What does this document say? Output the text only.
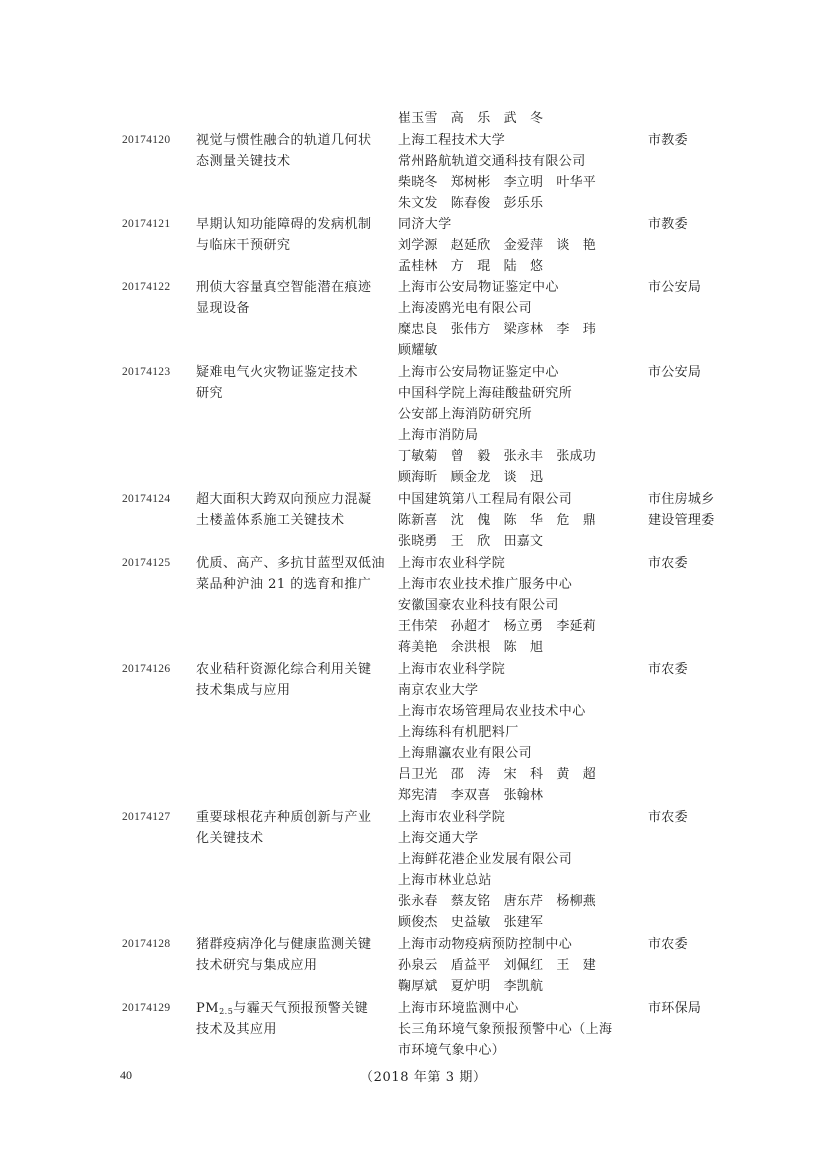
崔玉雪　高　乐　武　冬
20174120 视觉与惯性融合的轨道几何状
态测量关键技术
上海工程技术大学
常州路航轨道交通科技有限公司
柴晓冬　郑树彬　李立明　叶华平
朱文发　陈春俊　彭乐乐
市教委
20174121 早期认知功能障碍的发病机制
与临床干预研究
同济大学
刘学源　赵延欣　金爱萍　谈　艳
孟桂林　方　琨　陆　悠
市教委
20174122 刑侦大容量真空智能潜在痕迹
显现设备
上海市公安局物证鉴定中心
上海凌鸥光电有限公司
糜忠良　张伟方　梁彦林　李　玮
顾耀敏
市公安局
20174123 疑难电气火灾物证鉴定技术
研究
上海市公安局物证鉴定中心
中国科学院上海硅酸盐研究所
公安部上海消防研究所
上海市消防局
丁敏菊　曾　毅　张永丰　张成功
顾海昕　顾金龙　谈　迅
市公安局
20174124 超大面积大跨双向预应力混凝
土楼盖体系施工关键技术
中国建筑第八工程局有限公司
陈新喜　沈　傀　陈　华　危　鼎
张晓勇　王　欣　田嘉文
市住房城乡
建设管理委
20174125 优质、高产、多抗甘蓝型双低油
菜品种沪油 21 的选育和推广
上海市农业科学院
上海市农业技术推广服务中心
安徽国豪农业科技有限公司
王伟荣　孙超才　杨立勇　李延莉
蒋美艳　余洪根　陈　旭
市农委
20174126 农业秸秆资源化综合利用关键
技术集成与应用
上海市农业科学院
南京农业大学
上海市农场管理局农业技术中心
上海练科有机肥料厂
上海鼎瀛农业有限公司
吕卫光　邵　涛　宋　科　黄　超
郑宪清　李双喜　张翰林
市农委
20174127 重要球根花卉种质创新与产业
化关键技术
上海市农业科学院
上海交通大学
上海鲜花港企业发展有限公司
上海市林业总站
张永春　蔡友铭　唐东芹　杨柳燕
顾俊杰　史益敏　张建军
市农委
20174128 猪群疫病净化与健康监测关键
技术研究与集成应用
上海市动物疫病预防控制中心
孙泉云　盾益平　刘佩红　王　建
鞠厚斌　夏炉明　李凯航
市农委
20174129 $PM_{2.5}$与霾天气预报预警关键
技术及其应用
上海市环境监测中心
长三角环境气象预报预警中心（上海
市环境气象中心）
市环保局
40	（2018 年第 3 期）
